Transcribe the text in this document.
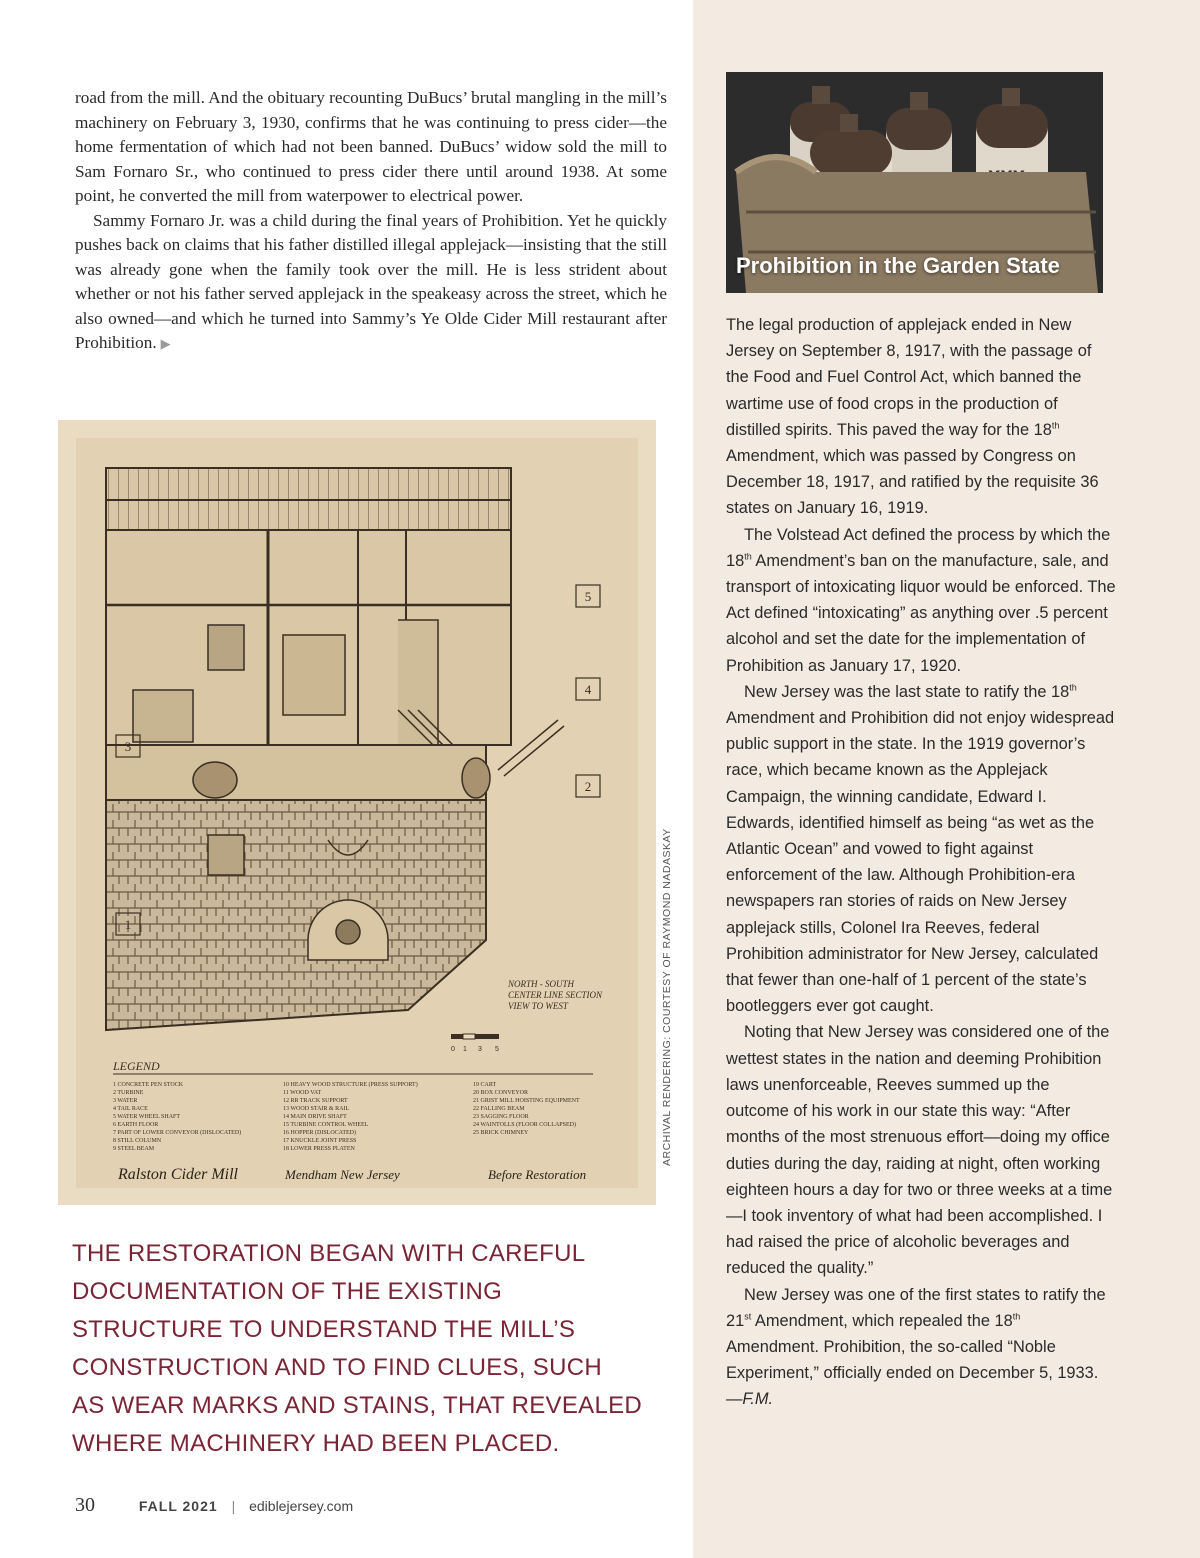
road from the mill. And the obituary recounting DuBucs’ brutal mangling in the mill’s machinery on February 3, 1930, confirms that he was continuing to press cider—the home fermentation of which had not been banned. DuBucs’ widow sold the mill to Sam Fornaro Sr., who continued to press cider there until around 1938. At some point, he converted the mill from waterpower to electrical power.

Sammy Fornaro Jr. was a child during the final years of Prohibition. Yet he quickly pushes back on claims that his father distilled illegal applejack—insisting that the still was already gone when the family took over the mill. He is less strident about whether or not his father served applejack in the speakeasy across the street, which he also owned—and which he turned into Sammy’s Ye Olde Cider Mill restaurant after Prohibition. ▶

5
4
3
2
1
NORTH - SOUTH
CENTER LINE SECTION
VIEW TO WEST
0 1 3 5
LEGEND
1 CONCRETE PEN STOCK
2 TURBINE
3 WATER
4 TAIL RACE
5 WATER WHEEL SHAFT
6 EARTH FLOOR
7 PART OF LOWER CONVEYOR (DISLOCATED)
8 STILL COLUMN
9 STEEL BEAM
10 HEAVY WOOD STRUCTURE (PRESS SUPPORT)
11 WOOD VAT
12 RR TRACK SUPPORT
13 WOOD STAIR & RAIL
14 MAIN DRIVE SHAFT
15 TURBINE CONTROL WHEEL
16 HOPPER (DISLOCATED)
17 KNUCKLE JOINT PRESS
18 LOWER PRESS PLATEN
19 CART
20 BOX CONVEYOR
21 GRIST MILL HOISTING EQUIPMENT
22 FALLING BEAM
23 SAGGING FLOOR
24 WAINTOLLS (FLOOR COLLAPSED)
25 BRICK CHIMNEY
Ralston Cider Mill	Mendham New Jersey	Before Restoration
ARCHIVAL RENDERING: COURTESY OF RAYMOND NADASKAY
THE RESTORATION BEGAN WITH CAREFUL
DOCUMENTATION OF THE EXISTING
STRUCTURE TO UNDERSTAND THE MILL’S
CONSTRUCTION AND TO FIND CLUES, SUCH
AS WEAR MARKS AND STAINS, THAT REVEALED
WHERE MACHINERY HAD BEEN PLACED.
30	FALL 2021 | ediblejersey.com
Prohibition in the Garden State

The legal production of applejack ended in New Jersey on September 8, 1917, with the passage of the Food and Fuel Control Act, which banned the wartime use of food crops in the production of distilled spirits. This paved the way for the 18th Amendment, which was passed by Congress on December 18, 1917, and ratified by the requisite 36 states on January 16, 1919.

The Volstead Act defined the process by which the 18th Amendment’s ban on the manufacture, sale, and transport of intoxicating liquor would be enforced. The Act defined “intoxicating” as anything over .5 percent alcohol and set the date for the implementation of Prohibition as January 17, 1920.

New Jersey was the last state to ratify the 18th Amendment and Prohibition did not enjoy widespread public support in the state. In the 1919 governor’s race, which became known as the Applejack Campaign, the winning candidate, Edward I. Edwards, identified himself as being “as wet as the Atlantic Ocean” and vowed to fight against enforcement of the law. Although Prohibition-era newspapers ran stories of raids on New Jersey applejack stills, Colonel Ira Reeves, federal Prohibition administrator for New Jersey, calculated that fewer than one-half of 1 percent of the state’s bootleggers ever got caught.

Noting that New Jersey was considered one of the wettest states in the nation and deeming Prohibition laws unenforceable, Reeves summed up the outcome of his work in our state this way: “After months of the most strenuous effort—doing my office duties during the day, raiding at night, often working eighteen hours a day for two or three weeks at a time—I took inventory of what had been accomplished. I had raised the price of alcoholic beverages and reduced the quality.”

New Jersey was one of the first states to ratify the 21st Amendment, which repealed the 18th Amendment. Prohibition, the so-called “Noble Experiment,” officially ended on December 5, 1933. —F.M.
